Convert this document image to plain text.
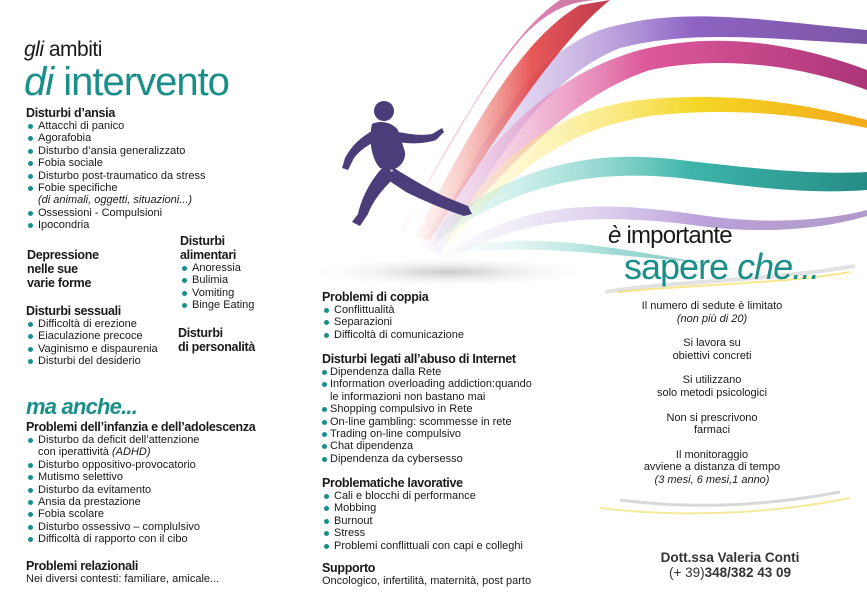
gli ambiti
di intervento
Disturbi d’ansia
Attacchi di panico
Agorafobia
Disturbo d’ansia generalizzato
Fobia sociale
Disturbo post-traumatico da stress
Fobie specifiche
(di animali, oggetti, situazioni...)
Ossessioni - Compulsioni
Ipocondria
Depressione
nelle sue
varie forme
Disturbi
alimentari
Anoressia
Bulimia
Vomiting
Binge Eating
Disturbi sessuali
Difficoltà di erezione
Eiaculazione precoce
Vaginismo e dispaurenia
Disturbi del desiderio
Disturbi
di personalità
ma anche...
Problemi dell’infanzia e dell’adolescenza
Disturbo da deficit dell’attenzione
con iperattività (ADHD)
Disturbo oppositivo-provocatorio
Mutismo selettivo
Disturbo da evitamento
Ansia da prestazione
Fobia scolare
Disturbo ossessivo – complulsivo
Difficoltà di rapporto con il cibo
Problemi relazionali
Nei diversi contesti: familiare, amicale...
Problemi di coppia
Conflittualità
Separazioni
Difficoltà di comunicazione
Disturbi legati all’abuso di Internet
Dipendenza dalla Rete
Information overloading addiction:quando
le informazioni non bastano mai
Shopping compulsivo in Rete
On-line gambling: scommesse in rete
Trading on-line compulsivo
Chat dipendenza
Dipendenza da cybersesso
Problematiche lavorative
Cali e blocchi di performance
Mobbing
Burnout
Stress
Problemi conflittuali con capi e colleghi
Supporto
Oncologico, infertilità, maternità, post parto
è importante
sapere che...

Il numero di sedute è limitato
(non più di 20)

Si lavora su
obiettivi concreti

Si utilizzano
solo metodi psicologici

Non si prescrivono
farmaci

Il monitoraggio
avviene a distanza di tempo
(3 mesi, 6 mesi,1 anno)

Dott.ssa Valeria Conti
(+ 39)348/382 43 09
